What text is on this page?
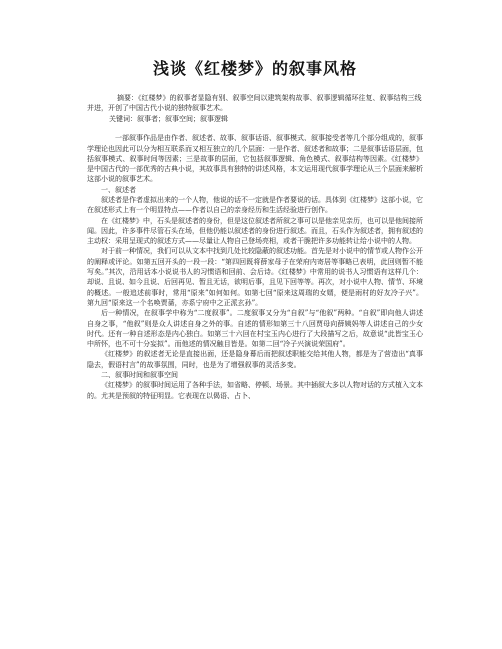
浅谈《红楼梦》的叙事风格

摘要：《红楼梦》的叙事者显隐有别、叙事空间以建筑架构故事、叙事逻辑循环往复、叙事结构三线并进，开创了中国古代小说的独特叙事艺术。

关键词：叙事者；叙事空间；叙事逻辑

一部叙事作品是由作者、叙述者、故事、叙事话语、叙事模式、叙事接受者等几个部分组成的，叙事学理论也因此可以分为相互联系而又相互独立的几个层面：一是作者、叙述者和故事；二是叙事话语层面，包括叙事模式、叙事时间等因素；三是故事的层面，它包括叙事逻辑、角色模式、叙事结构等因素。《红楼梦》是中国古代的一部优秀的古典小说，其故事具有独特的讲述风格，本文运用现代叙事学理论从三个层面来解析这部小说的叙事艺术。

一、叙述者

叙述者是作者虚拟出来的一个人物，他说的话不一定就是作者要说的话。具体到《红楼梦》这部小说，它在叙述形式上有一个明显特点——作者以自己的亲身经历和生活经验进行创作。

在《红楼梦》中，石头是叙述者的身份，但是这位叙述者所叙之事可以是他亲见亲历，也可以是他间接所闻。因此，许多事件尽管石头在场，但他仍能以叙述者的身份进行叙述。而且，石头作为叙述者，拥有叙述的主动权：采用呈现式的叙述方式——尽量让人物自己登场亮相，或者干脆把许多功能转让给小说中的人物。

对于前一种情况，我们可以从文本中找到几处比较隐蔽的叙述功能。首先是对小说中的情节或人物作公开的阐释或评论。如第五回开头的一段一段：“第四回既将薛家母子在荣府内寄居等事略已表明，此回则暂不能写矣。”其次，沿用话本小说说书人的习惯语和回前、会后诗。《红楼梦》中常用的说书人习惯语有这样几个：却说、且说、如今且说、后回再见、暂且无话，欲明后事，且见下回等等。再次，对小说中人物、情节、环境的概述。一般追述前事时，常用“原来”如何如何。如第七回“原来这周瑞的女婿，便是雨村的好友冷子兴”。第九回“原来这一个名唤贾蔷，亦系宁府中之正派玄孙”。

后一种情况，在叙事学中称为“二度叙事”。二度叙事又分为“自叙”与“他叙”两种。“自叙”即向他人讲述自身之事，“他叙”则是众人讲述自身之外的事。自述的情形如第三十八回贾母向薛姨妈等人讲述自己的少女时代。还有一种自述形态是内心独白。如第三十六回在村宝玉内心进行了大段描写之后，故意说“此皆宝玉心中所怀，也不可十分妄拟”。而他述的情况触目皆是。如第二回“冷子兴演说荣国府”。

《红楼梦》的叙述者无论是直接出面，还是隐身幕后而把叙述职能交给其他人物，都是为了营造出“真事隐去，假语村言”的故事氛围，同时，也是为了增强叙事的灵活多变。

二、叙事时间和叙事空间

《红楼梦》的叙事时间运用了各种手法，如省略、停顿、场景。其中插叙大多以人物对话的方式植入文本的。尤其是预叙的特征明显。它表现在以偈语、占卜、
